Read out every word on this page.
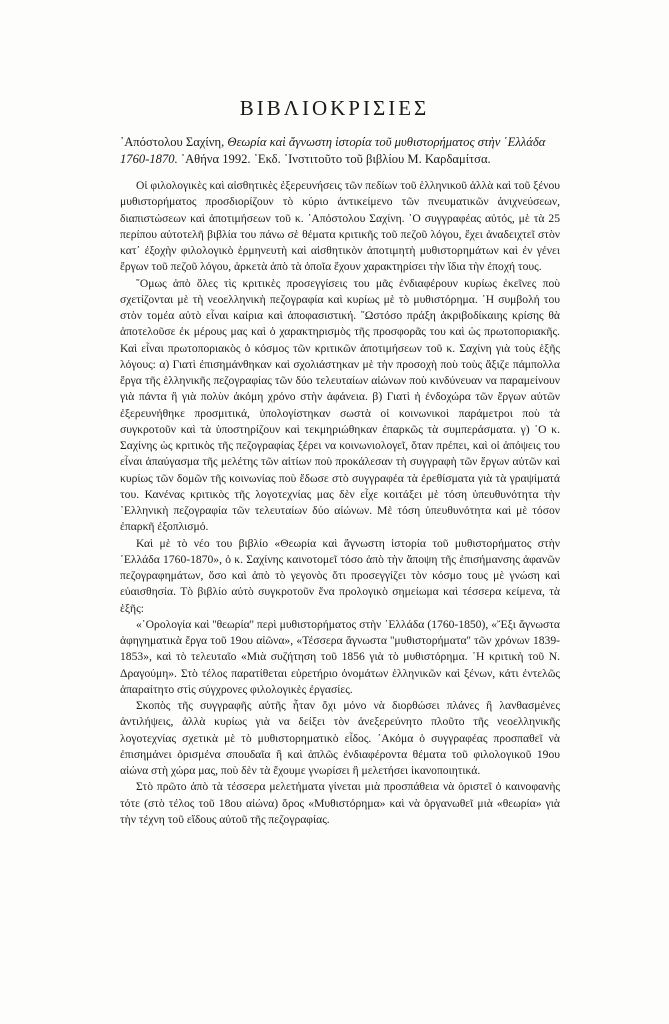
ΒΙΒΛΙΟΚΡΙΣΙΕΣ

᾿Απόστολου Σαχίνη, Θεωρία καὶ ἄγνωστη ἱστορία τοῦ μυθιστορήματος στὴν ῾Ελλάδα 1760-1870. ᾿Αθήνα 1992. ᾿Εκδ. ᾿Ινστιτοῦτο τοῦ βιβλίου Μ. Καρδαμίτσα.

Οἱ φιλολογικὲς καὶ αἰσθητικὲς ἐξερευνήσεις τῶν πεδίων τοῦ ἑλληνικοῦ ἀλλὰ καὶ τοῦ ξένου μυθιστορήματος προσδιορίζουν τὸ κύριο ἀντικείμενο τῶν πνευματικῶν ἀνιχνεύσεων, διαπιστώσεων καὶ ἀποτιμήσεων τοῦ κ. ᾿Απόστολου Σαχίνη. ῾Ο συγγραφέας αὐτός, μὲ τὰ 25 περίπου αὐτοτελῆ βιβλία του πάνω σὲ θέματα κριτικῆς τοῦ πεζοῦ λόγου, ἔχει ἀναδειχτεῖ στὸν κατ᾿ ἐξοχὴν φιλολογικὸ ἑρμηνευτὴ καὶ αἰσθητικὸν ἀποτιμητὴ μυθιστορημάτων καὶ ἐν γένει ἔργων τοῦ πεζοῦ λόγου, ἀρκετὰ ἀπὸ τὰ ὁποῖα ἔχουν χαρακτηρίσει τὴν ἴδια τὴν ἐποχή τους.

῞Ομως ἀπὸ ὅλες τὶς κριτικὲς προσεγγίσεις του μᾶς ἐνδιαφέρουν κυρίως ἐκεῖνες ποὺ σχετίζονται μὲ τὴ νεοελληνικὴ πεζογραφία καὶ κυρίως μὲ τὸ μυθιστόρημα. ῾Η συμβολή του στὸν τομέα αὐτὸ εἶναι καίρια καὶ ἀποφασιστική. ῞Ωστόσο πράξη ἀκριβοδίκαιης κρίσης θὰ ἀποτελοῦσε ἐκ μέρους μας καὶ ὁ χαρακτηρισμὸς τῆς προσφορᾶς του καὶ ὡς πρωτοποριακῆς. Καὶ εἶναι πρωτοποριακὸς ὁ κόσμος τῶν κριτικῶν ἀποτιμήσεων τοῦ κ. Σαχίνη γιὰ τοὺς ἑξῆς λόγους: α) Γιατὶ ἐπισημάνθηκαν καὶ σχολιάστηκαν μὲ τὴν προσοχὴ ποὺ τοὺς ἄξιζε πάμπολλα ἔργα τῆς ἑλληνικῆς πεζογραφίας τῶν δύο τελευταίων αἰώνων ποὺ κινδύνευαν να παραμείνουν γιὰ πάντα ἢ γιὰ πολὺν ἀκόμη χρόνο στὴν ἀφάνεια. β) Γιατὶ ἡ ἐνδοχώρα τῶν ἔργων αὐτῶν ἐξερευνήθηκε προσμιτικά, ὑπολογίστηκαν σωστὰ οἱ κοινωνικοὶ παράμετροι ποὺ τὰ συγκροτοῦν καὶ τὰ ὑποστηρίζουν καὶ τεκμηριώθηκαν ἐπαρκῶς τὰ συμπεράσματα. γ) ῾Ο κ. Σαχίνης ὡς κριτικὸς τῆς πεζογραφίας ξέρει να κοινωνιολογεῖ, ὅταν πρέπει, καὶ οἱ ἀπόψεις του εἶναι ἀπαύγασμα τῆς μελέτης τῶν αἰτίων ποὺ προκάλεσαν τὴ συγγραφὴ τῶν ἔργων αὐτῶν καὶ κυρίως τῶν δομῶν τῆς κοινωνίας ποὺ ἔδωσε στὸ συγγραφέα τὰ ἐρεθίσματα γιὰ τὰ γραψίματά του. Κανένας κριτικὸς τῆς λογοτεχνίας μας δὲν εἶχε κοιτάξει μὲ τόση ὑπευθυνότητα τὴν ᾿Ελληνικὴ πεζογραφία τῶν τελευταίων δύο αἰώνων. Μὲ τόση ὑπευθυνότητα καὶ μὲ τόσον ἐπαρκῆ ἐξοπλισμό.

Καὶ μὲ τὸ νέο του βιβλίο «Θεωρία καὶ ἄγνωστη ἱστορία τοῦ μυθιστορήματος στὴν ῾Ελλάδα 1760-1870», ὁ κ. Σαχίνης καινοτομεῖ τόσο ἀπὸ τὴν ἄποψη τῆς ἐπισήμανσης ἀφανῶν πεζογραφημάτων, ὅσο καὶ ἀπὸ τὸ γεγονὸς ὅτι προσεγγίζει τὸν κόσμο τους μὲ γνώση καὶ εὐαισθησία. Τὸ βιβλίο αὐτὸ συγκροτοῦν ἕνα προλογικὸ σημείωμα καὶ τέσσερα κείμενα, τὰ ἑξῆς:

«᾿Ορολογία καὶ ''θεωρία'' περὶ μυθιστορήματος στὴν ῾Ελλάδα (1760-1850), «Ἔξι ἄγνωστα ἀφηγηματικὰ ἔργα τοῦ 19ου αἰῶνα», «Τέσσερα ἄγνωστα ''μυθιστορήματα'' τῶν χρόνων 1839-1853», καὶ τὸ τελευταῖο «Μιὰ συζήτηση τοῦ 1856 γιὰ τὸ μυθιστόρημα. ῾Η κριτικὴ τοῦ Ν. Δραγούμη». Στὸ τέλος παρατίθεται εὑρετήριο ὀνομάτων ἑλληνικῶν καὶ ξένων, κάτι ἐντελῶς ἀπαραίτητο στὶς σύγχρονες φιλολογικὲς ἐργασίες.

Σκοπὸς τῆς συγγραφῆς αὐτῆς ἦταν ὄχι μόνο νὰ διορθώσει πλάνες ἢ λανθασμένες ἀντιλήψεις, ἀλλὰ κυρίως γιὰ να δείξει τὸν ἀνεξερεύνητο πλοῦτο τῆς νεοελληνικῆς λογοτεχνίας σχετικὰ μὲ τὸ μυθιστορηματικὸ εἶδος. ᾿Ακόμα ὁ συγγραφέας προσπαθεῖ νὰ ἐπισημάνει ὁρισμένα σπουδαῖα ἢ καὶ ἁπλῶς ἐνδιαφέροντα θέματα τοῦ φιλολογικοῦ 19ου αἰώνα στὴ χώρα μας, ποὺ δὲν τὰ ἔχουμε γνωρίσει ἢ μελετήσει ἱκανοποιητικά.

Στὸ πρῶτο ἀπὸ τὰ τέσσερα μελετήματα γίνεται μιὰ προσπάθεια νὰ ὁριστεῖ ὁ καινοφανὴς τότε (στὸ τέλος τοῦ 18ου αἰώνα) ὅρος «Μυθιστόρημα» καὶ νὰ ὀργανωθεῖ μιὰ «θεωρία» γιὰ τὴν τέχνη τοῦ εἴδους αὐτοῦ τῆς πεζογραφίας.
